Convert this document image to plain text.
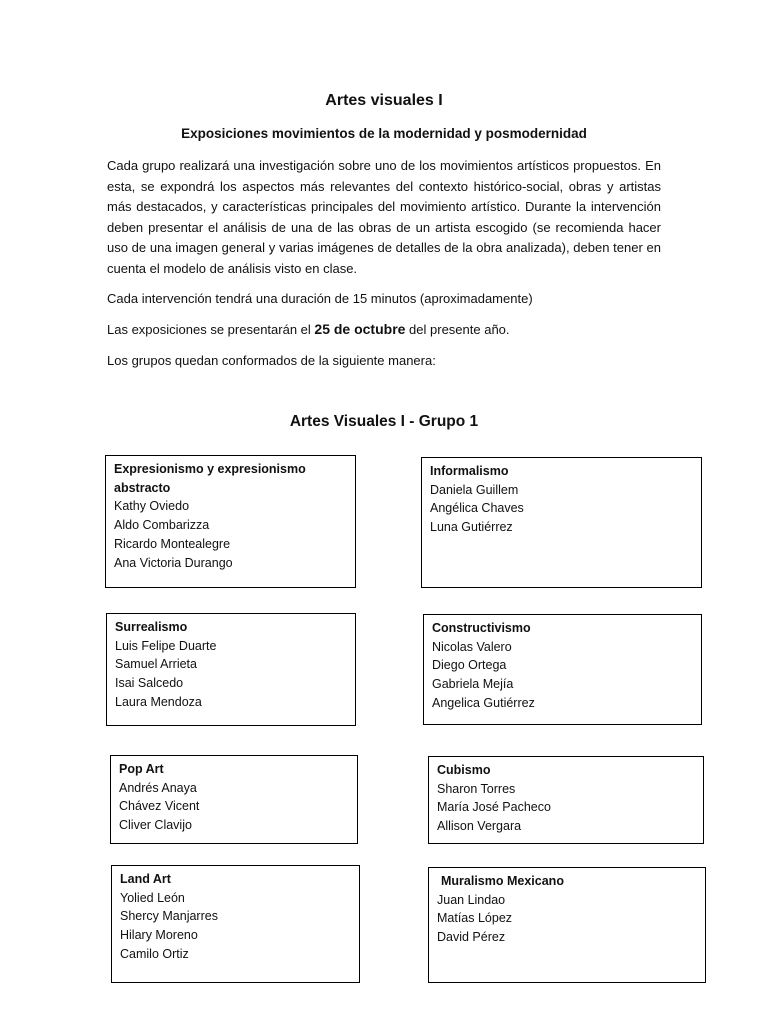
Artes visuales I
Exposiciones movimientos de la modernidad y posmodernidad

Cada grupo realizará una investigación sobre uno de los movimientos artísticos propuestos. En esta, se expondrá los aspectos más relevantes del contexto histórico-social, obras y artistas más destacados, y características principales del movimiento artístico. Durante la intervención deben presentar el análisis de una de las obras de un artista escogido (se recomienda hacer uso de una imagen general y varias imágenes de detalles de la obra analizada), deben tener en cuenta el modelo de análisis visto en clase.

Cada intervención tendrá una duración de 15 minutos (aproximadamente)

Las exposiciones se presentarán el 25 de octubre del presente año.

Los grupos quedan conformados de la siguiente manera:

Artes Visuales I - Grupo 1
Expresionismo y expresionismo abstracto
Kathy Oviedo
Aldo Combarizza
Ricardo Montealegre
Ana Victoria Durango
Informalismo
Daniela Guillem
Angélica Chaves
Luna Gutiérrez
Surrealismo
Luis Felipe Duarte
Samuel Arrieta
Isai Salcedo
Laura Mendoza
Constructivismo
Nicolas Valero
Diego Ortega
Gabriela Mejía
Angelica Gutiérrez
Pop Art
Andrés Anaya
Chávez Vicent
Cliver Clavijo
Cubismo
Sharon Torres
María José Pacheco
Allison Vergara
Land Art
Yolied León
Shercy Manjarres
Hilary Moreno
Camilo Ortiz
Muralismo Mexicano
Juan Lindao
Matías López
David Pérez
